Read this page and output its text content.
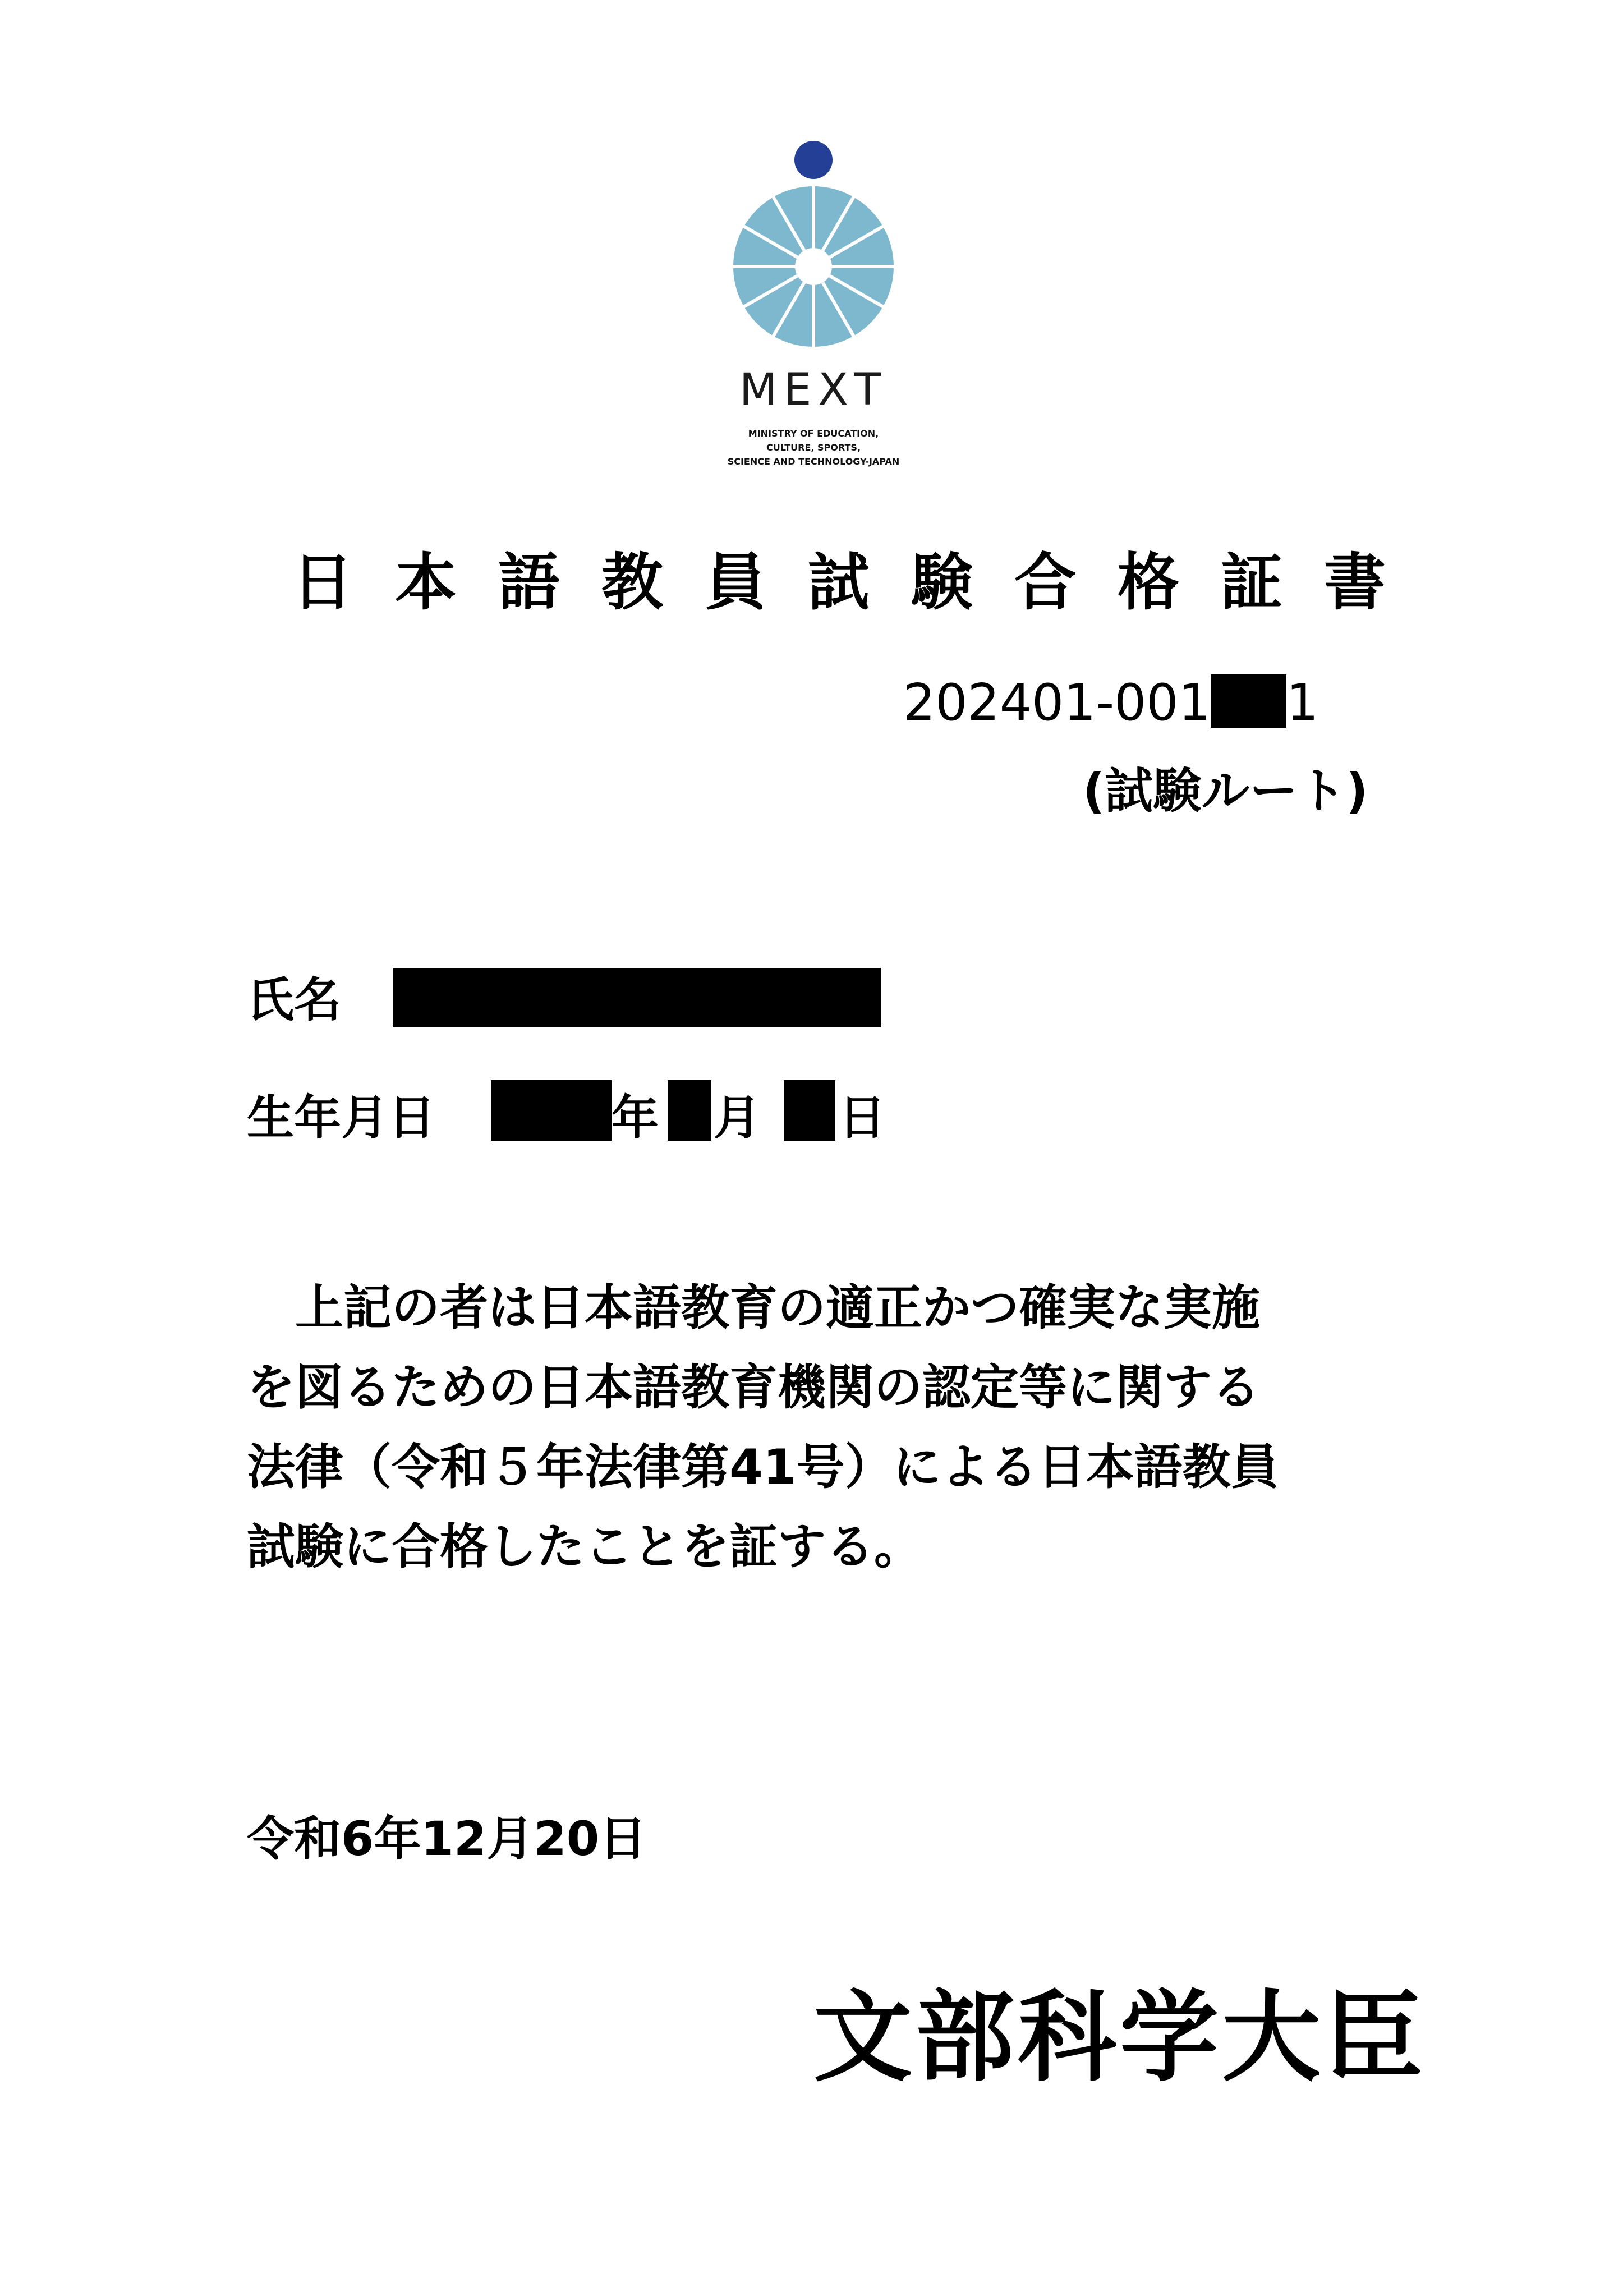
MEXT
MINISTRY OF EDUCATION,
CULTURE, SPORTS,
SCIENCE AND TECHNOLOGY-JAPAN
日本語教員試験合格証書
202401-001 1
(試験ルート)
氏名
生年月日	年 月 日

　上記の者は日本語教育の適正かつ確実な実施

を図るための日本語教育機関の認定等に関する

法律（令和５年法律第41号）による日本語教員

試験に合格したことを証する。

令和6年12月20日
文部科学大臣
